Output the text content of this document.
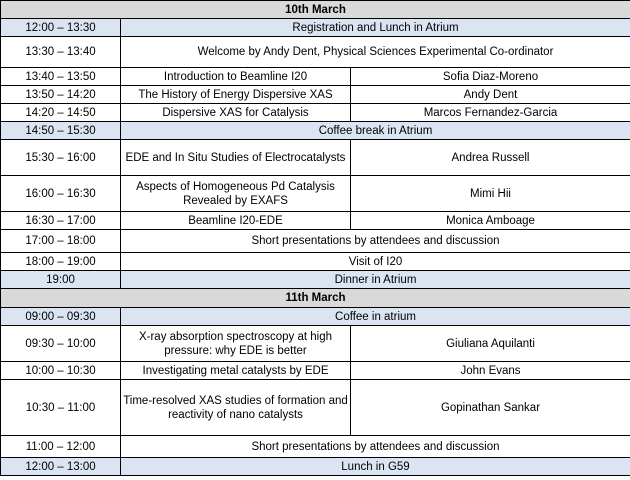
10th March		
12:00 – 13:30	Registration and Lunch in Atrium	
13:30 – 13:40	Welcome by Andy Dent, Physical Sciences Experimental Co-ordinator	
13:40 – 13:50	Introduction to Beamline I20	Sofia Diaz-Moreno
13:50 – 14:20	The History of Energy Dispersive XAS	Andy Dent
14:20 – 14:50	Dispersive XAS for Catalysis	Marcos Fernandez-Garcia
14:50 – 15:30	Coffee break in Atrium	
15:30 – 16:00	EDE and In Situ Studies of Electrocatalysts	Andrea Russell
16:00 – 16:30	Aspects of Homogeneous Pd Catalysis Revealed by EXAFS	Mimi Hii
16:30 – 17:00	Beamline I20-EDE	Monica Amboage
17:00 – 18:00	Short presentations by attendees and discussion	
18:00 – 19:00	Visit of I20	
19:00	Dinner in Atrium	
11th March		
09:00 – 09:30	Coffee in atrium	
09:30 – 10:00	X-ray absorption spectroscopy at high pressure: why EDE is better	Giuliana Aquilanti
10:00 – 10:30	Investigating metal catalysts by EDE	John Evans
10:30 – 11:00	Time-resolved XAS studies of formation and reactivity of nano catalysts	Gopinathan Sankar
11:00 – 12:00	Short presentations by attendees and discussion	
12:00 – 13:00	Lunch in G59	
